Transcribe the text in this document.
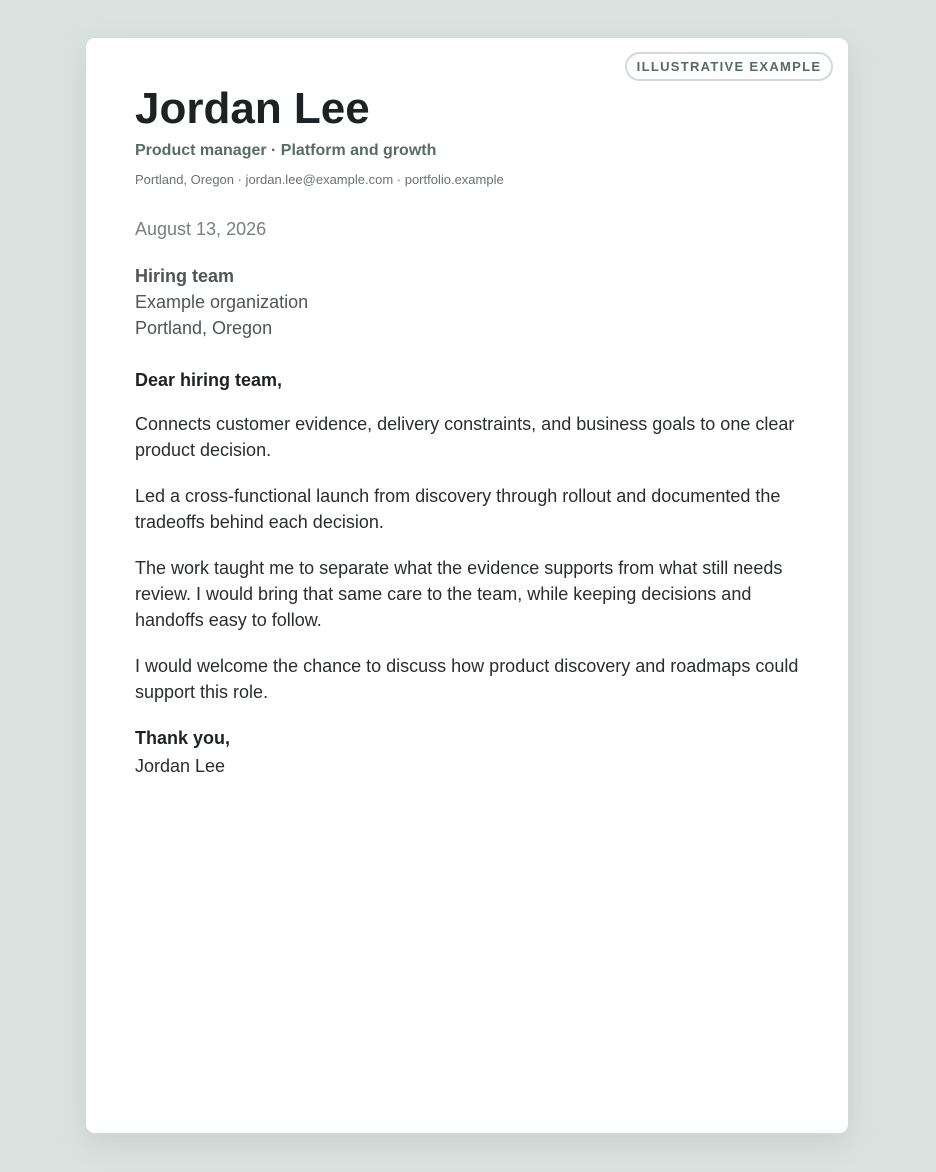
ILLUSTRATIVE EXAMPLE
Jordan Lee
Product manager · Platform and growth
Portland, Oregon · jordan.lee@example.com · portfolio.example
August 13, 2026
Hiring team
Example organization
Portland, Oregon
Dear hiring team,

Connects customer evidence, delivery constraints, and business goals to one clear product decision.

Led a cross-functional launch from discovery through rollout and documented the tradeoffs behind each decision.

The work taught me to separate what the evidence supports from what still needs review. I would bring that same care to the team, while keeping decisions and handoffs easy to follow.

I would welcome the chance to discuss how product discovery and roadmaps could support this role.

Thank you,
Jordan Lee
